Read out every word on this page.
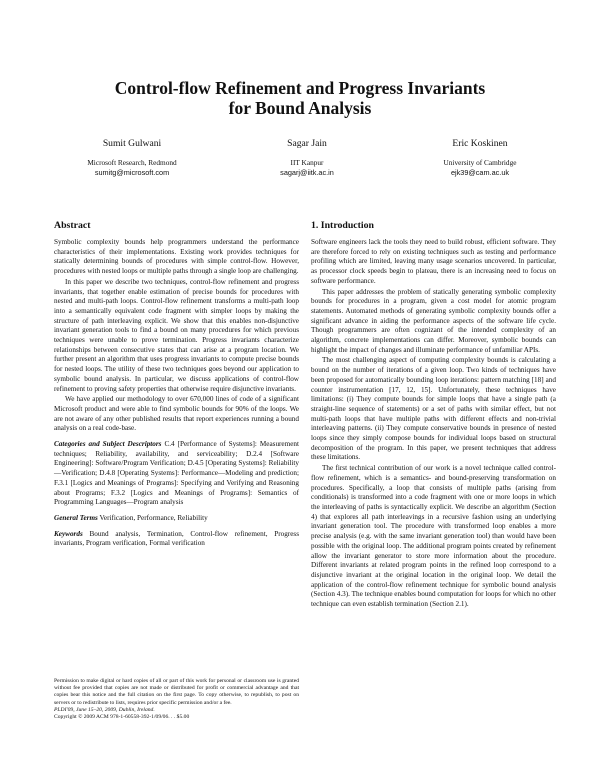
Control-flow Refinement and Progress Invariants
for Bound Analysis
Sumit Gulwani
Microsoft Research, Redmond
sumitg@microsoft.com
Sagar Jain
IIT Kanpur
sagarj@iitk.ac.in
Eric Koskinen
University of Cambridge
ejk39@cam.ac.uk
Abstract

Symbolic complexity bounds help programmers understand the performance characteristics of their implementations. Existing work provides techniques for statically determining bounds of procedures with simple control-flow. However, procedures with nested loops or multiple paths through a single loop are challenging.

In this paper we describe two techniques, control-flow refinement and progress invariants, that together enable estimation of precise bounds for procedures with nested and multi-path loops. Control-flow refinement transforms a multi-path loop into a semantically equivalent code fragment with simpler loops by making the structure of path interleaving explicit. We show that this enables non-disjunctive invariant generation tools to find a bound on many procedures for which previous techniques were unable to prove termination. Progress invariants characterize relationships between consecutive states that can arise at a program location. We further present an algorithm that uses progress invariants to compute precise bounds for nested loops. The utility of these two techniques goes beyond our application to symbolic bound analysis. In particular, we discuss applications of control-flow refinement to proving safety properties that otherwise require disjunctive invariants.

We have applied our methodology to over 670,000 lines of code of a significant Microsoft product and were able to find symbolic bounds for 90% of the loops. We are not aware of any other published results that report experiences running a bound analysis on a real code-base.

Categories and Subject Descriptors C.4 [Performance of Systems]: Measurement techniques; Reliability, availability, and serviceability; D.2.4 [Software Engineering]: Software/Program Verification; D.4.5 [Operating Systems]: Reliability—Verification; D.4.8 [Operating Systems]: Performance—Modeling and prediction; F.3.1 [Logics and Meanings of Programs]: Specifying and Verifying and Reasoning about Programs; F.3.2 [Logics and Meanings of Programs]: Semantics of Programming Languages—Program analysis

General Terms Verification, Performance, Reliability

Keywords Bound analysis, Termination, Control-flow refinement, Progress invariants, Program verification, Formal verification

Permission to make digital or hard copies of all or part of this work for personal or classroom use is granted without fee provided that copies are not made or distributed for profit or commercial advantage and that copies bear this notice and the full citation on the first page. To copy otherwise, to republish, to post on servers or to redistribute to lists, requires prior specific permission and/or a fee.
PLDI'09, June 15–20, 2009, Dublin, Ireland.
Copyright © 2009 ACM 978-1-60558-392-1/09/06. . . $5.00
1. Introduction

Software engineers lack the tools they need to build robust, efficient software. They are therefore forced to rely on existing techniques such as testing and performance profiling which are limited, leaving many usage scenarios uncovered. In particular, as processor clock speeds begin to plateau, there is an increasing need to focus on software performance.

This paper addresses the problem of statically generating symbolic complexity bounds for procedures in a program, given a cost model for atomic program statements. Automated methods of generating symbolic complexity bounds offer a significant advance in aiding the performance aspects of the software life cycle. Though programmers are often cognizant of the intended complexity of an algorithm, concrete implementations can differ. Moreover, symbolic bounds can highlight the impact of changes and illuminate performance of unfamiliar APIs.

The most challenging aspect of computing complexity bounds is calculating a bound on the number of iterations of a given loop. Two kinds of techniques have been proposed for automatically bounding loop iterations: pattern matching [18] and counter instrumentation [17, 12, 15]. Unfortunately, these techniques have limitations: (i) They compute bounds for simple loops that have a single path (a straight-line sequence of statements) or a set of paths with similar effect, but not multi-path loops that have multiple paths with different effects and non-trivial interleaving patterns. (ii) They compute conservative bounds in presence of nested loops since they simply compose bounds for individual loops based on structural decomposition of the program. In this paper, we present techniques that address these limitations.

The first technical contribution of our work is a novel technique called control-flow refinement, which is a semantics- and bound-preserving transformation on procedures. Specifically, a loop that consists of multiple paths (arising from conditionals) is transformed into a code fragment with one or more loops in which the interleaving of paths is syntactically explicit. We describe an algorithm (Section 4) that explores all path interleavings in a recursive fashion using an underlying invariant generation tool. The procedure with transformed loop enables a more precise analysis (e.g. with the same invariant generation tool) than would have been possible with the original loop. The additional program points created by refinement allow the invariant generator to store more information about the procedure. Different invariants at related program points in the refined loop correspond to a disjunctive invariant at the original location in the original loop. We detail the application of the control-flow refinement technique for symbolic bound analysis (Section 4.3). The technique enables bound computation for loops for which no other technique can even establish termination (Section 2.1).
